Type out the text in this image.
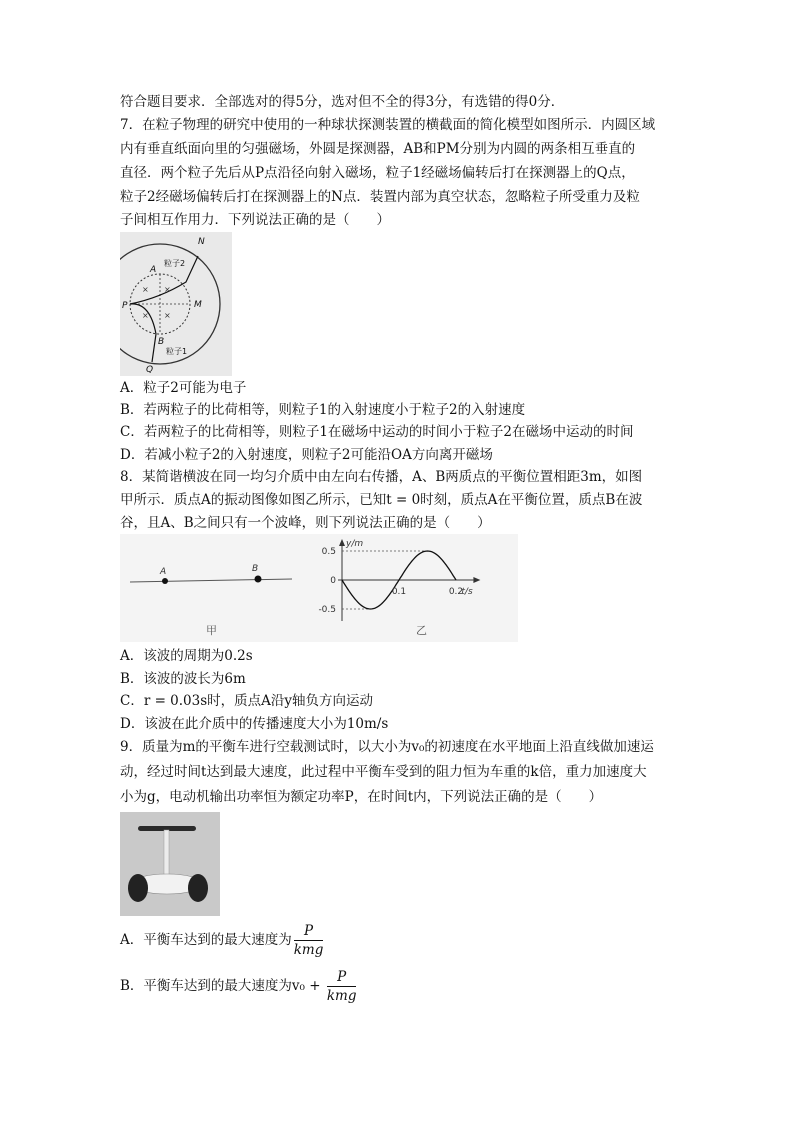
符合题目要求．全部选对的得5分，选对但不全的得3分，有选错的得0分．
7．在粒子物理的研究中使用的一种球状探测装置的横截面的简化模型如图所示．内圆区域
内有垂直纸面向里的匀强磁场，外圆是探测器，AB和PM分别为内圆的两条相互垂直的
直径．两个粒子先后从P点沿径向射入磁场，粒子1经磁场偏转后打在探测器上的Q点，
粒子2经磁场偏转后打在探测器上的N点．装置内部为真空状态，忽略粒子所受重力及粒
子间相互作用力．下列说法正确的是（　　）
× ×
× ×
N
A
P	M
B
Q
粒子2
粒子1
A．粒子2可能为电子
B．若两粒子的比荷相等，则粒子1的入射速度小于粒子2的入射速度
C．若两粒子的比荷相等，则粒子1在磁场中运动的时间小于粒子2在磁场中运动的时间
D．若减小粒子2的入射速度，则粒子2可能沿OA方向离开磁场
8．某简谐横波在同一均匀介质中由左向右传播，A、B两质点的平衡位置相距3m，如图
甲所示．质点A的振动图像如图乙所示，已知t = 0时刻，质点A在平衡位置，质点B在波
谷，且A、B之间只有一个波峰，则下列说法正确的是（　　）
A	B
甲
0.5
0
-0.5
0.1	0.2
y/m
t/s
乙
A．该波的周期为0.2s
B．该波的波长为6m
C．r = 0.03s时，质点A沿y轴负方向运动
D．该波在此介质中的传播速度大小为10m/s
9．质量为m的平衡车进行空载测试时，以大小为v₀的初速度在水平地面上沿直线做加速运
动，经过时间t达到最大速度，此过程中平衡车受到的阻力恒为车重的k倍，重力加速度大
小为g，电动机输出功率恒为额定功率P，在时间t内，下列说法正确的是（　　）
A．平衡车达到的最大速度为 $\frac{P}{\text{kmg}}$
B．平衡车达到的最大速度为$v_0 + \frac{P}{\text{kmg}}$
